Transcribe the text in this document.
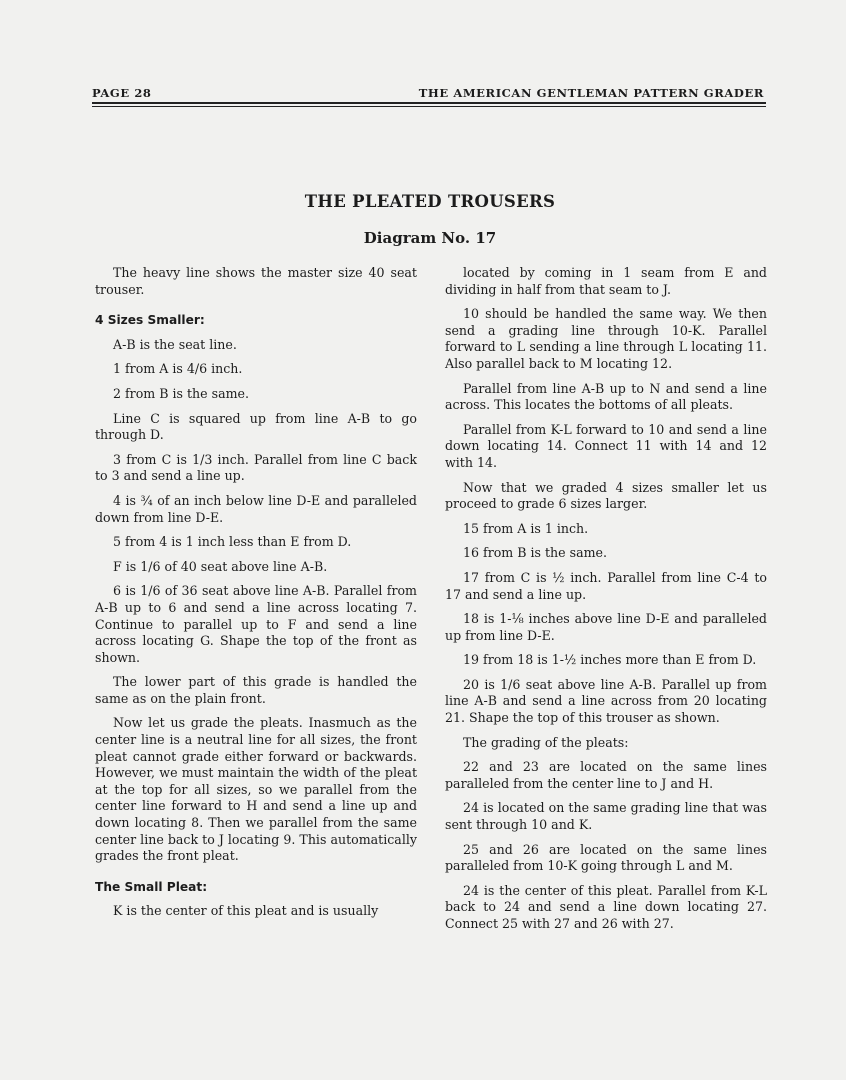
PAGE 28	THE AMERICAN GENTLEMAN PATTERN GRADER
THE PLEATED TROUSERS
Diagram No. 17

The heavy line shows the master size 40 seat trouser.

4 Sizes Smaller:

A-B is the seat line.

1 from A is 4/6 inch.

2 from B is the same.

Line C is squared up from line A-B to go through D.

3 from C is 1/3 inch. Parallel from line C back to 3 and send a line up.

4 is ¾ of an inch below line D-E and paralleled down from line D-E.

5 from 4 is 1 inch less than E from D.

F is 1/6 of 40 seat above line A-B.

6 is 1/6 of 36 seat above line A-B. Parallel from A-B up to 6 and send a line across locating 7. Continue to parallel up to F and send a line across locating G. Shape the top of the front as shown.

The lower part of this grade is handled the same as on the plain front.

Now let us grade the pleats. Inasmuch as the center line is a neutral line for all sizes, the front pleat cannot grade either forward or backwards. However, we must maintain the width of the pleat at the top for all sizes, so we parallel from the center line forward to H and send a line up and down locating 8. Then we parallel from the same center line back to J locating 9. This automatically grades the front pleat.

The Small Pleat:

K is the center of this pleat and is usually

located by coming in 1 seam from E and dividing in half from that seam to J.

10 should be handled the same way. We then send a grading line through 10-K. Parallel forward to L sending a line through L locating 11. Also parallel back to M locating 12.

Parallel from line A-B up to N and send a line across. This locates the bottoms of all pleats.

Parallel from K-L forward to 10 and send a line down locating 14. Connect 11 with 14 and 12 with 14.

Now that we graded 4 sizes smaller let us proceed to grade 6 sizes larger.

15 from A is 1 inch.

16 from B is the same.

17 from C is ½ inch. Parallel from line C-4 to 17 and send a line up.

18 is 1-⅛ inches above line D-E and paralleled up from line D-E.

19 from 18 is 1-½ inches more than E from D.

20 is 1/6 seat above line A-B. Parallel up from line A-B and send a line across from 20 locating 21. Shape the top of this trouser as shown.

The grading of the pleats:

22 and 23 are located on the same lines paralleled from the center line to J and H.

24 is located on the same grading line that was sent through 10 and K.

25 and 26 are located on the same lines paralleled from 10-K going through L and M.

24 is the center of this pleat. Parallel from K-L back to 24 and send a line down locating 27. Connect 25 with 27 and 26 with 27.
